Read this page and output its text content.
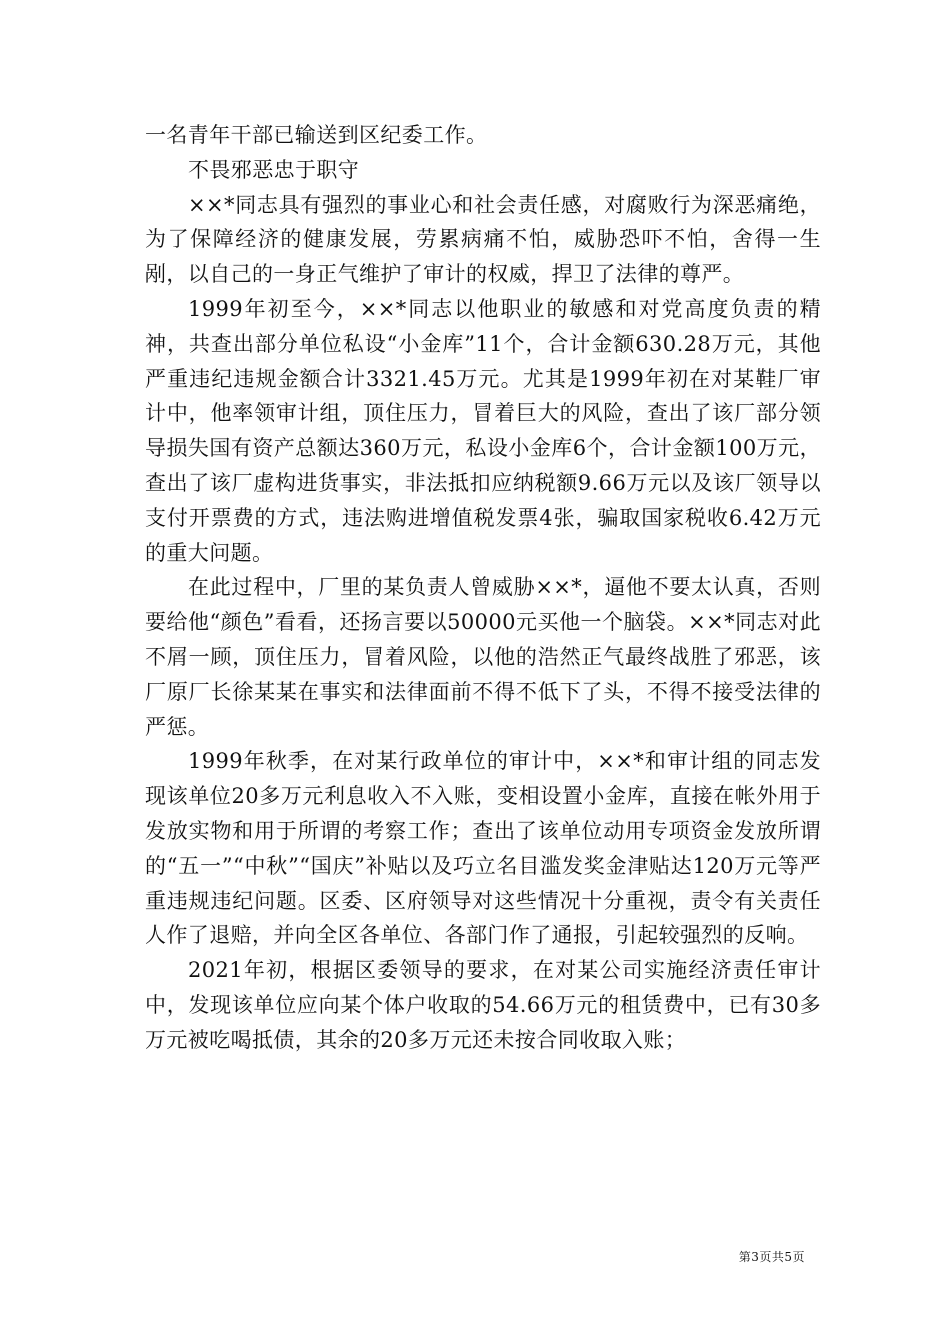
一名青年干部已输送到区纪委工作。

不畏邪恶忠于职守

××*同志具有强烈的事业心和社会责任感，对腐败行为深恶痛绝，为了保障经济的健康发展，劳累病痛不怕，威胁恐吓不怕，舍得一生剐，以自己的一身正气维护了审计的权威，捍卫了法律的尊严。

1999年初至今，××*同志以他职业的敏感和对党高度负责的精神，共查出部分单位私设“小金库”11个，合计金额630.28万元，其他严重违纪违规金额合计3321.45万元。尤其是1999年初在对某鞋厂审计中，他率领审计组，顶住压力，冒着巨大的风险，查出了该厂部分领导损失国有资产总额达360万元，私设小金库6个，合计金额100万元，查出了该厂虚构进货事实，非法抵扣应纳税额9.66万元以及该厂领导以支付开票费的方式，违法购进增值税发票4张，骗取国家税收6.42万元的重大问题。

在此过程中，厂里的某负责人曾威胁××*，逼他不要太认真，否则要给他“颜色”看看，还扬言要以50000元买他一个脑袋。××*同志对此不屑一顾，顶住压力，冒着风险，以他的浩然正气最终战胜了邪恶，该厂原厂长徐某某在事实和法律面前不得不低下了头，不得不接受法律的严惩。

1999年秋季，在对某行政单位的审计中，××*和审计组的同志发现该单位20多万元利息收入不入账，变相设置小金库，直接在帐外用于发放实物和用于所谓的考察工作；查出了该单位动用专项资金发放所谓的“五一”“中秋”“国庆”补贴以及巧立名目滥发奖金津贴达120万元等严重违规违纪问题。区委、区府领导对这些情况十分重视，责令有关责任人作了退赔，并向全区各单位、各部门作了通报，引起较强烈的反响。

2021年初，根据区委领导的要求，在对某公司实施经济责任审计中，发现该单位应向某个体户收取的54.66万元的租赁费中，已有30多万元被吃喝抵债，其余的20多万元还未按合同收取入账；

第3页共5页
